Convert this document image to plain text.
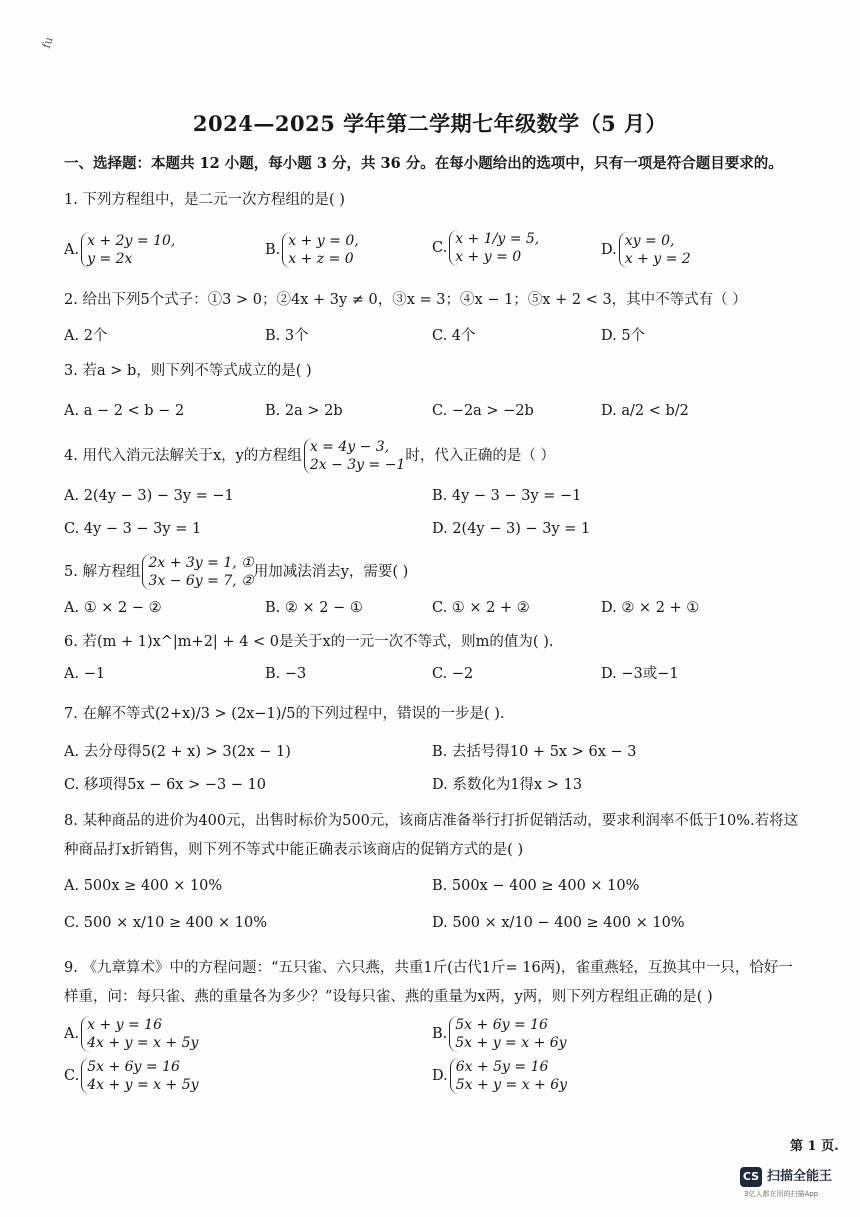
fu
2024—2025 学年第二学期七年级数学（5 月）
一、选择题：本题共 12 小题，每小题 3 分，共 36 分。在每小题给出的选项中，只有一项是符合题目要求的。
1. 下列方程组中，是二元一次方程组的是( )
A.
x + 2y = 10,
y = 2x
B.
x + y = 0,
x + z = 0
C.
x + 1/y = 5,
x + y = 0	D.
xy = 0,
x + y = 2
2. 给出下列5个式子：①3 > 0；②4x + 3y ≠ 0，③x = 3；④x − 1；⑤x + 2 < 3，其中不等式有（ ）
A. 2个	B. 3个	C. 4个	D. 5个
3. 若a > b，则下列不等式成立的是( )
A. a − 2 < b − 2	B. 2a > 2b	C. −2a > −2b	D. a/2 < b/2
4. 用代入消元法解关于x，y的方程组
x = 4y − 3,
2x − 3y = −1
时，代入正确的是（ ）
A. 2(4y − 3) − 3y = −1	B. 4y − 3 − 3y = −1
C. 4y − 3 − 3y = 1	D. 2(4y − 3) − 3y = 1
5. 解方程组
2x + 3y = 1, ①
3x − 6y = 7, ②
用加减法消去y，需要( )
A. ① × 2 − ②	B. ② × 2 − ①	C. ① × 2 + ②	D. ② × 2 + ①
6. 若(m + 1)x^|m+2| + 4 < 0是关于x的一元一次不等式，则m的值为( ).
A. −1	B. −3	C. −2	D. −3或−1
7. 在解不等式(2+x)/3 > (2x−1)/5的下列过程中，错误的一步是( ).
A. 去分母得5(2 + x) > 3(2x − 1)	B. 去括号得10 + 5x > 6x − 3
C. 移项得5x − 6x > −3 − 10	D. 系数化为1得x > 13
8. 某种商品的进价为400元，出售时标价为500元，该商店准备举行打折促销活动，要求利润率不低于10%.若将这
种商品打x折销售，则下列不等式中能正确表示该商店的促销方式的是( )
A. 500x ≥ 400 × 10%	B. 500x − 400 ≥ 400 × 10%
C. 500 × x/10 ≥ 400 × 10%	D. 500 × x/10 − 400 ≥ 400 × 10%
9. 《九章算术》中的方程问题：“五只雀、六只燕，共重1斤(古代1斤= 16两)，雀重燕轻，互换其中一只，恰好一
样重，问：每只雀、燕的重量各为多少？”设每只雀、燕的重量为x两，y两，则下列方程组正确的是( )
A.
x + y = 16
4x + y = x + 5y
B.
5x + 6y = 16
5x + y = x + 6y
C.
5x + 6y = 16
4x + y = x + 5y
D.
6x + 5y = 16
5x + y = x + 6y
第 1 页.
CS 扫描全能王
3亿人都在用的扫描App
